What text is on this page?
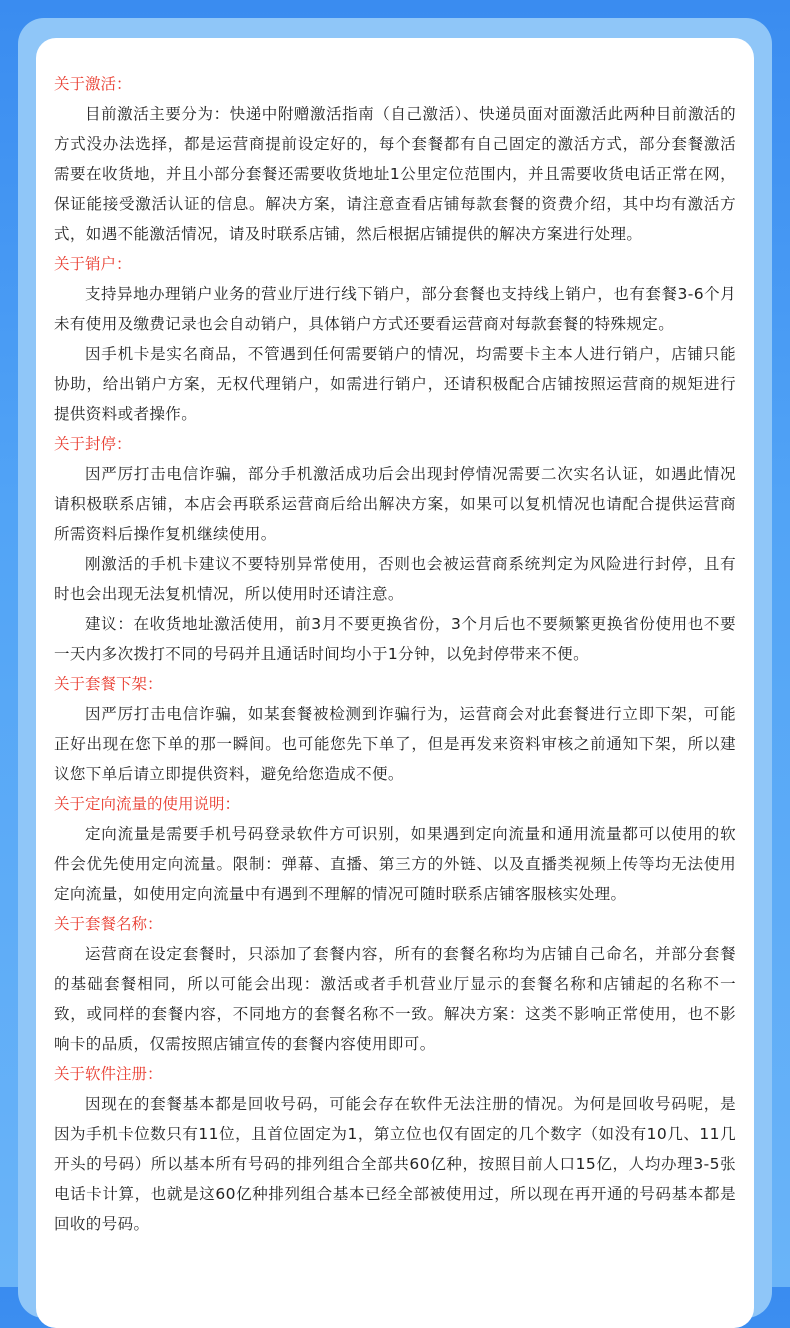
关于激活：

目前激活主要分为：快递中附赠激活指南（自己激活）、快递员面对面激活此两种目前激活的方式没办法选择，都是运营商提前设定好的，每个套餐都有自己固定的激活方式，部分套餐激活需要在收货地，并且小部分套餐还需要收货地址1公里定位范围内，并且需要收货电话正常在网，保证能接受激活认证的信息。解决方案，请注意查看店铺每款套餐的资费介绍，其中均有激活方式，如遇不能激活情况，请及时联系店铺，然后根据店铺提供的解决方案进行处理。

关于销户：

支持异地办理销户业务的营业厅进行线下销户，部分套餐也支持线上销户，也有套餐3-6个月未有使用及缴费记录也会自动销户，具体销户方式还要看运营商对每款套餐的特殊规定。

因手机卡是实名商品，不管遇到任何需要销户的情况，均需要卡主本人进行销户，店铺只能协助，给出销户方案，无权代理销户，如需进行销户，还请积极配合店铺按照运营商的规矩进行提供资料或者操作。

关于封停：

因严厉打击电信诈骗，部分手机激活成功后会出现封停情况需要二次实名认证，如遇此情况请积极联系店铺，本店会再联系运营商后给出解决方案，如果可以复机情况也请配合提供运营商所需资料后操作复机继续使用。

刚激活的手机卡建议不要特别异常使用，否则也会被运营商系统判定为风险进行封停，且有时也会出现无法复机情况，所以使用时还请注意。

建议：在收货地址激活使用，前3月不要更换省份，3个月后也不要频繁更换省份使用也不要一天内多次拨打不同的号码并且通话时间均小于1分钟，以免封停带来不便。

关于套餐下架：

因严厉打击电信诈骗，如某套餐被检测到诈骗行为，运营商会对此套餐进行立即下架，可能正好出现在您下单的那一瞬间。也可能您先下单了，但是再发来资料审核之前通知下架，所以建议您下单后请立即提供资料，避免给您造成不便。

关于定向流量的使用说明：

定向流量是需要手机号码登录软件方可识别，如果遇到定向流量和通用流量都可以使用的软件会优先使用定向流量。限制：弹幕、直播、第三方的外链、以及直播类视频上传等均无法使用定向流量，如使用定向流量中有遇到不理解的情况可随时联系店铺客服核实处理。

关于套餐名称：

运营商在设定套餐时，只添加了套餐内容，所有的套餐名称均为店铺自己命名，并部分套餐的基础套餐相同，所以可能会出现：激活或者手机营业厅显示的套餐名称和店铺起的名称不一致，或同样的套餐内容，不同地方的套餐名称不一致。解决方案：这类不影响正常使用，也不影响卡的品质，仅需按照店铺宣传的套餐内容使用即可。

关于软件注册：

因现在的套餐基本都是回收号码，可能会存在软件无法注册的情况。为何是回收号码呢，是因为手机卡位数只有11位，且首位固定为1，第立位也仅有固定的几个数字（如没有10几、11几开头的号码）所以基本所有号码的排列组合全部共60亿种，按照目前人口15亿，人均办理3-5张电话卡计算，也就是这60亿种排列组合基本已经全部被使用过，所以现在再开通的号码基本都是回收的号码。
